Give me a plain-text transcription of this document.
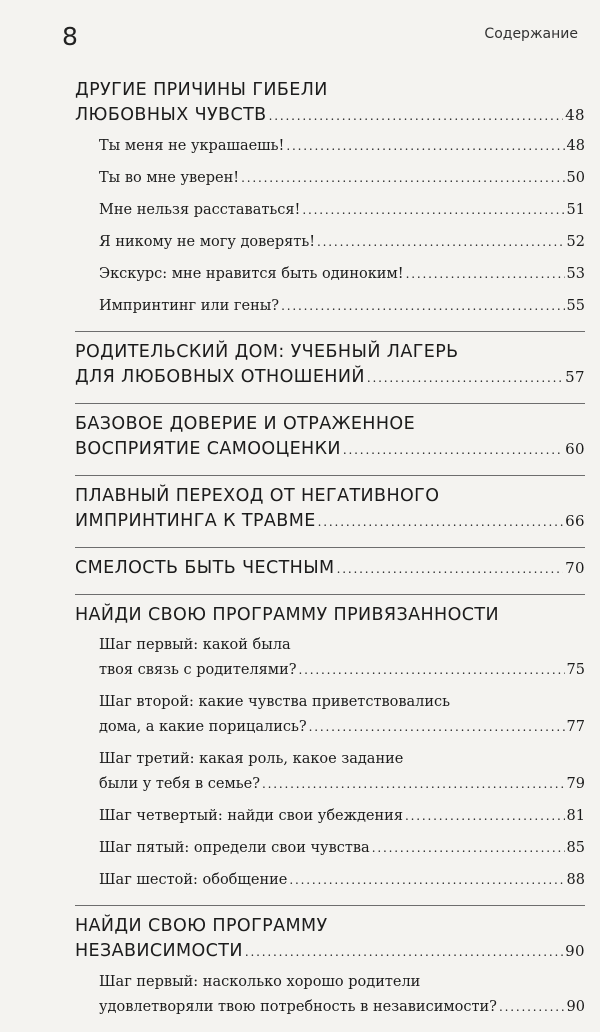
8	Содержание
ДРУГИЕ ПРИЧИНЫ ГИБЕЛИ
ЛЮБОВНЫХ ЧУВСТВ . . .	48
Ты меня не украшаешь! . . .	48
Ты во мне уверен! . . .	50
Мне нельзя расставаться! . . .	51
Я никому не могу доверять! . . .	52
Экскурс: мне нравится быть одиноким! . . .	53
Импринтинг или гены? . . .	55
РОДИТЕЛЬСКИЙ ДОМ: УЧЕБНЫЙ ЛАГЕРЬ
ДЛЯ ЛЮБОВНЫХ ОТНОШЕНИЙ . . .	57
БАЗОВОЕ ДОВЕРИЕ И ОТРАЖЕННОЕ
ВОСПРИЯТИЕ САМООЦЕНКИ . . .	60
ПЛАВНЫЙ ПЕРЕХОД ОТ НЕГАТИВНОГО
ИМПРИНТИНГА К ТРАВМЕ . . .	66
СМЕЛОСТЬ БЫТЬ ЧЕСТНЫМ . . .	70
НАЙДИ СВОЮ ПРОГРАММУ ПРИВЯЗАННОСТИ
Шаг первый: какой была
твоя связь с родителями? . . .	75
Шаг второй: какие чувства приветствовались
дома, а какие порицались? . . .	77
Шаг третий: какая роль, какое задание
были у тебя в семье? . . .	79
Шаг четвертый: найди свои убеждения . . .	81
Шаг пятый: определи свои чувства . . .	85
Шаг шестой: обобщение . . .	88
НАЙДИ СВОЮ ПРОГРАММУ
НЕЗАВИСИМОСТИ . . .	90
Шаг первый: насколько хорошо родители
удовлетворяли твою потребность в независимости? . . .	90
